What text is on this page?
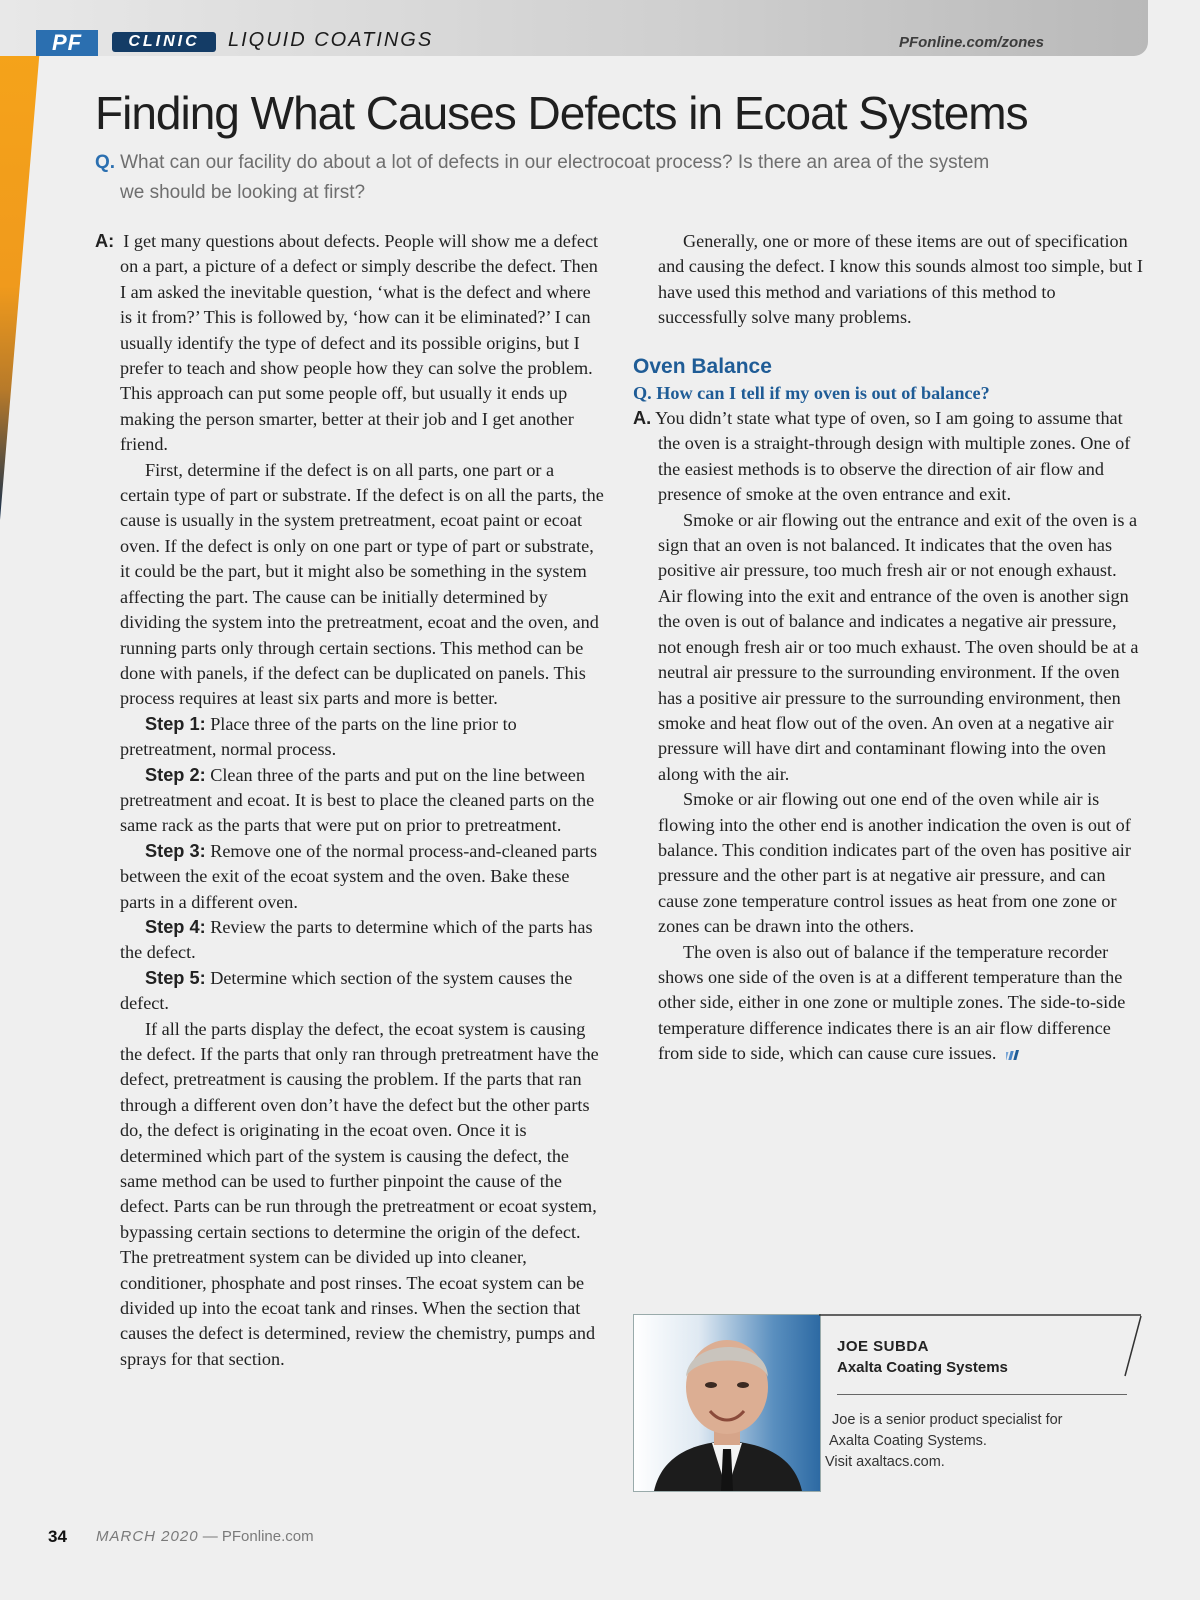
PF	CLINIC	LIQUID COATINGS	PFonline.com/zones
Finding What Causes Defects in Ecoat Systems
Q. What can our facility do about a lot of defects in our electrocoat process? Is there an area of the system we should be looking at first?

A: I get many questions about defects. People will show me a defect on a part, a picture of a defect or simply describe the defect. Then I am asked the inevitable question, ‘what is the defect and where is it from?’ This is followed by, ‘how can it be eliminated?’ I can usually identify the type of defect and its possible origins, but I prefer to teach and show people how they can solve the problem. This approach can put some people off, but usually it ends up making the person smarter, better at their job and I get another friend.

First, determine if the defect is on all parts, one part or a certain type of part or substrate. If the defect is on all the parts, the cause is usually in the system pretreatment, ecoat paint or ecoat oven. If the defect is only on one part or type of part or substrate, it could be the part, but it might also be something in the system affecting the part. The cause can be initially determined by dividing the system into the pretreatment, ecoat and the oven, and running parts only through certain sections. This method can be done with panels, if the defect can be duplicated on panels. This process requires at least six parts and more is better.

Step 1: Place three of the parts on the line prior to pretreatment, normal process.

Step 2: Clean three of the parts and put on the line between pretreatment and ecoat. It is best to place the cleaned parts on the same rack as the parts that were put on prior to pretreatment.

Step 3: Remove one of the normal process-and-cleaned parts between the exit of the ecoat system and the oven. Bake these parts in a different oven.

Step 4: Review the parts to determine which of the parts has the defect.

Step 5: Determine which section of the system causes the defect.

If all the parts display the defect, the ecoat system is causing the defect. If the parts that only ran through pretreatment have the defect, pretreatment is causing the problem. If the parts that ran through a different oven don’t have the defect but the other parts do, the defect is originating in the ecoat oven. Once it is determined which part of the system is causing the defect, the same method can be used to further pinpoint the cause of the defect. Parts can be run through the pretreatment or ecoat system, bypassing certain sections to determine the origin of the defect. The pretreatment system can be divided up into cleaner, conditioner, phosphate and post rinses. The ecoat system can be divided up into the ecoat tank and rinses. When the section that causes the defect is determined, review the chemistry, pumps and sprays for that section.

Generally, one or more of these items are out of specification and causing the defect. I know this sounds almost too simple, but I have used this method and variations of this method to successfully solve many problems.

Oven Balance

Q. How can I tell if my oven is out of balance?

A. You didn’t state what type of oven, so I am going to assume that the oven is a straight-through design with multiple zones. One of the easiest methods is to observe the direction of air flow and presence of smoke at the oven entrance and exit.

Smoke or air flowing out the entrance and exit of the oven is a sign that an oven is not balanced. It indicates that the oven has positive air pressure, too much fresh air or not enough exhaust. Air flowing into the exit and entrance of the oven is another sign the oven is out of balance and indicates a negative air pressure, not enough fresh air or too much exhaust. The oven should be at a neutral air pressure to the surrounding environment. If the oven has a positive air pressure to the surrounding environment, then smoke and heat flow out of the oven. An oven at a negative air pressure will have dirt and contaminant flowing into the oven along with the air.

Smoke or air flowing out one end of the oven while air is flowing into the other end is another indication the oven is out of balance. This condition indicates part of the oven has positive air pressure and the other part is at negative air pressure, and can cause zone temperature control issues as heat from one zone or zones can be drawn into the others.

The oven is also out of balance if the temperature recorder shows one side of the oven is at a different temperature than the other side, either in one zone or multiple zones. The side-to-side temperature difference indicates there is an air flow difference from side to side, which can cause cure issues.

JOE SUBDA
Axalta Coating Systems
Joe is a senior product specialist for
Axalta Coating Systems.
Visit axaltacs.com.
34 MARCH 2020 — PFonline.com
